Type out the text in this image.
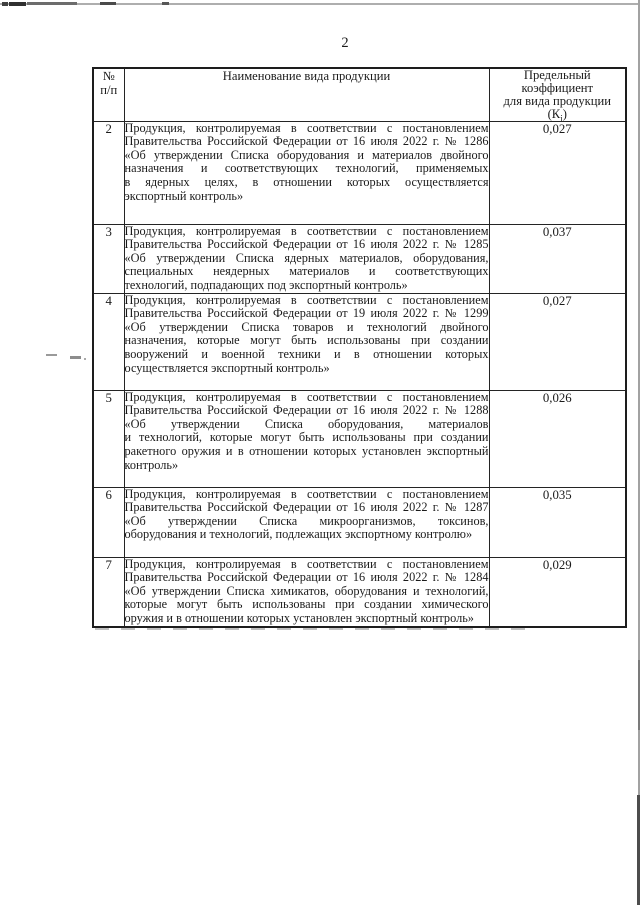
2
№
п/п
	Наименование вида продукции	Предельный
коэффициент
для вида продукции
$(К_i)$

2	Продукция, контролируемая в соответствии с постановлением
Правительства Российской Федерации от 16 июля 2022 г. № 1286
«Об утверждении Списка оборудования и материалов двойного
назначения и соответствующих технологий, применяемых
в ядерных целях, в отношении которых осуществляется
экспортный контроль»
	0,027
3	Продукция, контролируемая в соответствии с постановлением
Правительства Российской Федерации от 16 июля 2022 г. № 1285
«Об утверждении Списка ядерных материалов, оборудования,
специальных неядерных материалов и соответствующих
технологий, подпадающих под экспортный контроль»	0,037
4	Продукция, контролируемая в соответствии с постановлением
Правительства Российской Федерации от 19 июля 2022 г. № 1299
«Об утверждении Списка товаров и технологий двойного
назначения, которые могут быть использованы при создании
вооружений и военной техники и в отношении которых
осуществляется экспортный контроль»
	0,027
5	Продукция, контролируемая в соответствии с постановлением
Правительства Российской Федерации от 16 июля 2022 г. № 1288
«Об утверждении Списка оборудования, материалов
и технологий, которые могут быть использованы при создании
ракетного оружия и в отношении которых установлен экспортный
контроль»
	0,026
6	Продукция, контролируемая в соответствии с постановлением
Правительства Российской Федерации от 16 июля 2022 г. № 1287
«Об утверждении Списка микроорганизмов, токсинов,
оборудования и технологий, подлежащих экспортному контролю»	0,035
7	Продукция, контролируемая в соответствии с постановлением
Правительства Российской Федерации от 16 июля 2022 г. № 1284
«Об утверждении Списка химикатов, оборудования и технологий,
которые могут быть использованы при создании химического
оружия и в отношении которых установлен экспортный контроль»	0,029
